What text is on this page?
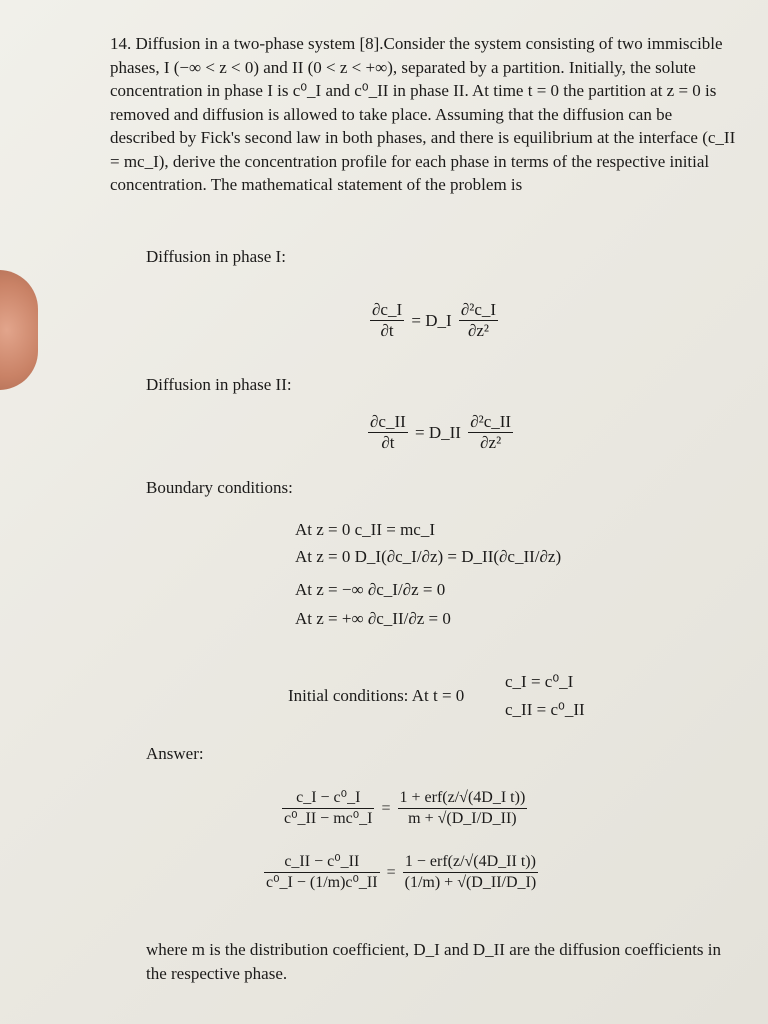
14. Diffusion in a two-phase system [8].Consider the system consisting of two immiscible phases, I (−∞ < z < 0) and II (0 < z < +∞), separated by a partition. Initially, the solute concentration in phase I is c⁰_I and c⁰_II in phase II. At time t = 0 the partition at z = 0 is removed and diffusion is allowed to take place. Assuming that the diffusion can be described by Fick's second law in both phases, and there is equilibrium at the interface (c_II = mc_I), derive the concentration profile for each phase in terms of the respective initial concentration. The mathematical statement of the problem is
Diffusion in phase I:
$\frac{\partial c\_I}{\partial t}$ = D_I $\frac{\text{∂²c\_I}}{\text{∂z²}}$
Diffusion in phase II:
$\frac{\partial c\_II}{\partial t}$ = D_II $\frac{\text{∂²c\_II}}{\text{∂z²}}$
Boundary conditions:
At z = 0 c_II = mc_I
At z = 0 D_I(∂c_I/∂z) = D_II(∂c_II/∂z)
At z = −∞ ∂c_I/∂z = 0
At z = +∞ ∂c_II/∂z = 0
Initial conditions: At t = 0
c_I = c⁰_I
c_II = c⁰_II
Answer:
$\frac{\text{c\_I − c⁰\_I}}{\text{c⁰\_II − mc⁰\_I}} = \frac{\text{1 + erf(z/√(4D\_I t))}}{m + √(D\_I/D\_II)}$
$\frac{\text{c\_II − c⁰\_II}}{\text{c⁰\_I − (1/m)c⁰\_II}} = \frac{\text{1 − erf(z/√(4D\_II t))}}{(1/m) + √(D\_II/D\_I)}$
where m is the distribution coefficient, D_I and D_II are the diffusion coefficients in the respective phase.
